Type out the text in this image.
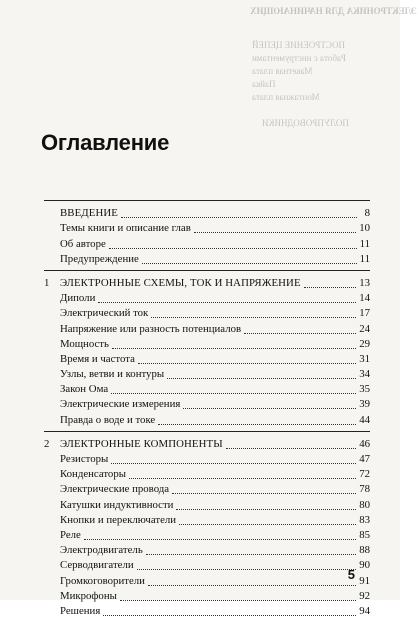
ЭЛЕКТРОНИКА ДЛЯ НАЧИНАЮЩИХ
ПОСТРОЕНИЕ ЦЕПЕЙ
Работа с инструментами
Макетная плата
Пайка
Монтажная плата
ПОЛУПРОВОДНИКИ
Оглавление
ВВЕДЕНИЕ	8
Темы книги и описание глав	10
Об авторе	11
Предупреждение	11
1 ЭЛЕКТРОННЫЕ СХЕМЫ, ТОК И НАПРЯЖЕНИЕ	13
Диполи	14
Электрический ток	17
Напряжение или разность потенциалов	24
Мощность	29
Время и частота	31
Узлы, ветви и контуры	34
Закон Ома	35
Электрические измерения	39
Правда о воде и токе	44
2 ЭЛЕКТРОННЫЕ КОМПОНЕНТЫ	46
Резисторы	47
Конденсаторы	72
Электрические провода	78
Катушки индуктивности	80
Кнопки и переключатели	83
Реле	85
Электродвигатель	88
Серводвигатели	90
Громкоговорители	91
Микрофоны	92
Решения	94
5
